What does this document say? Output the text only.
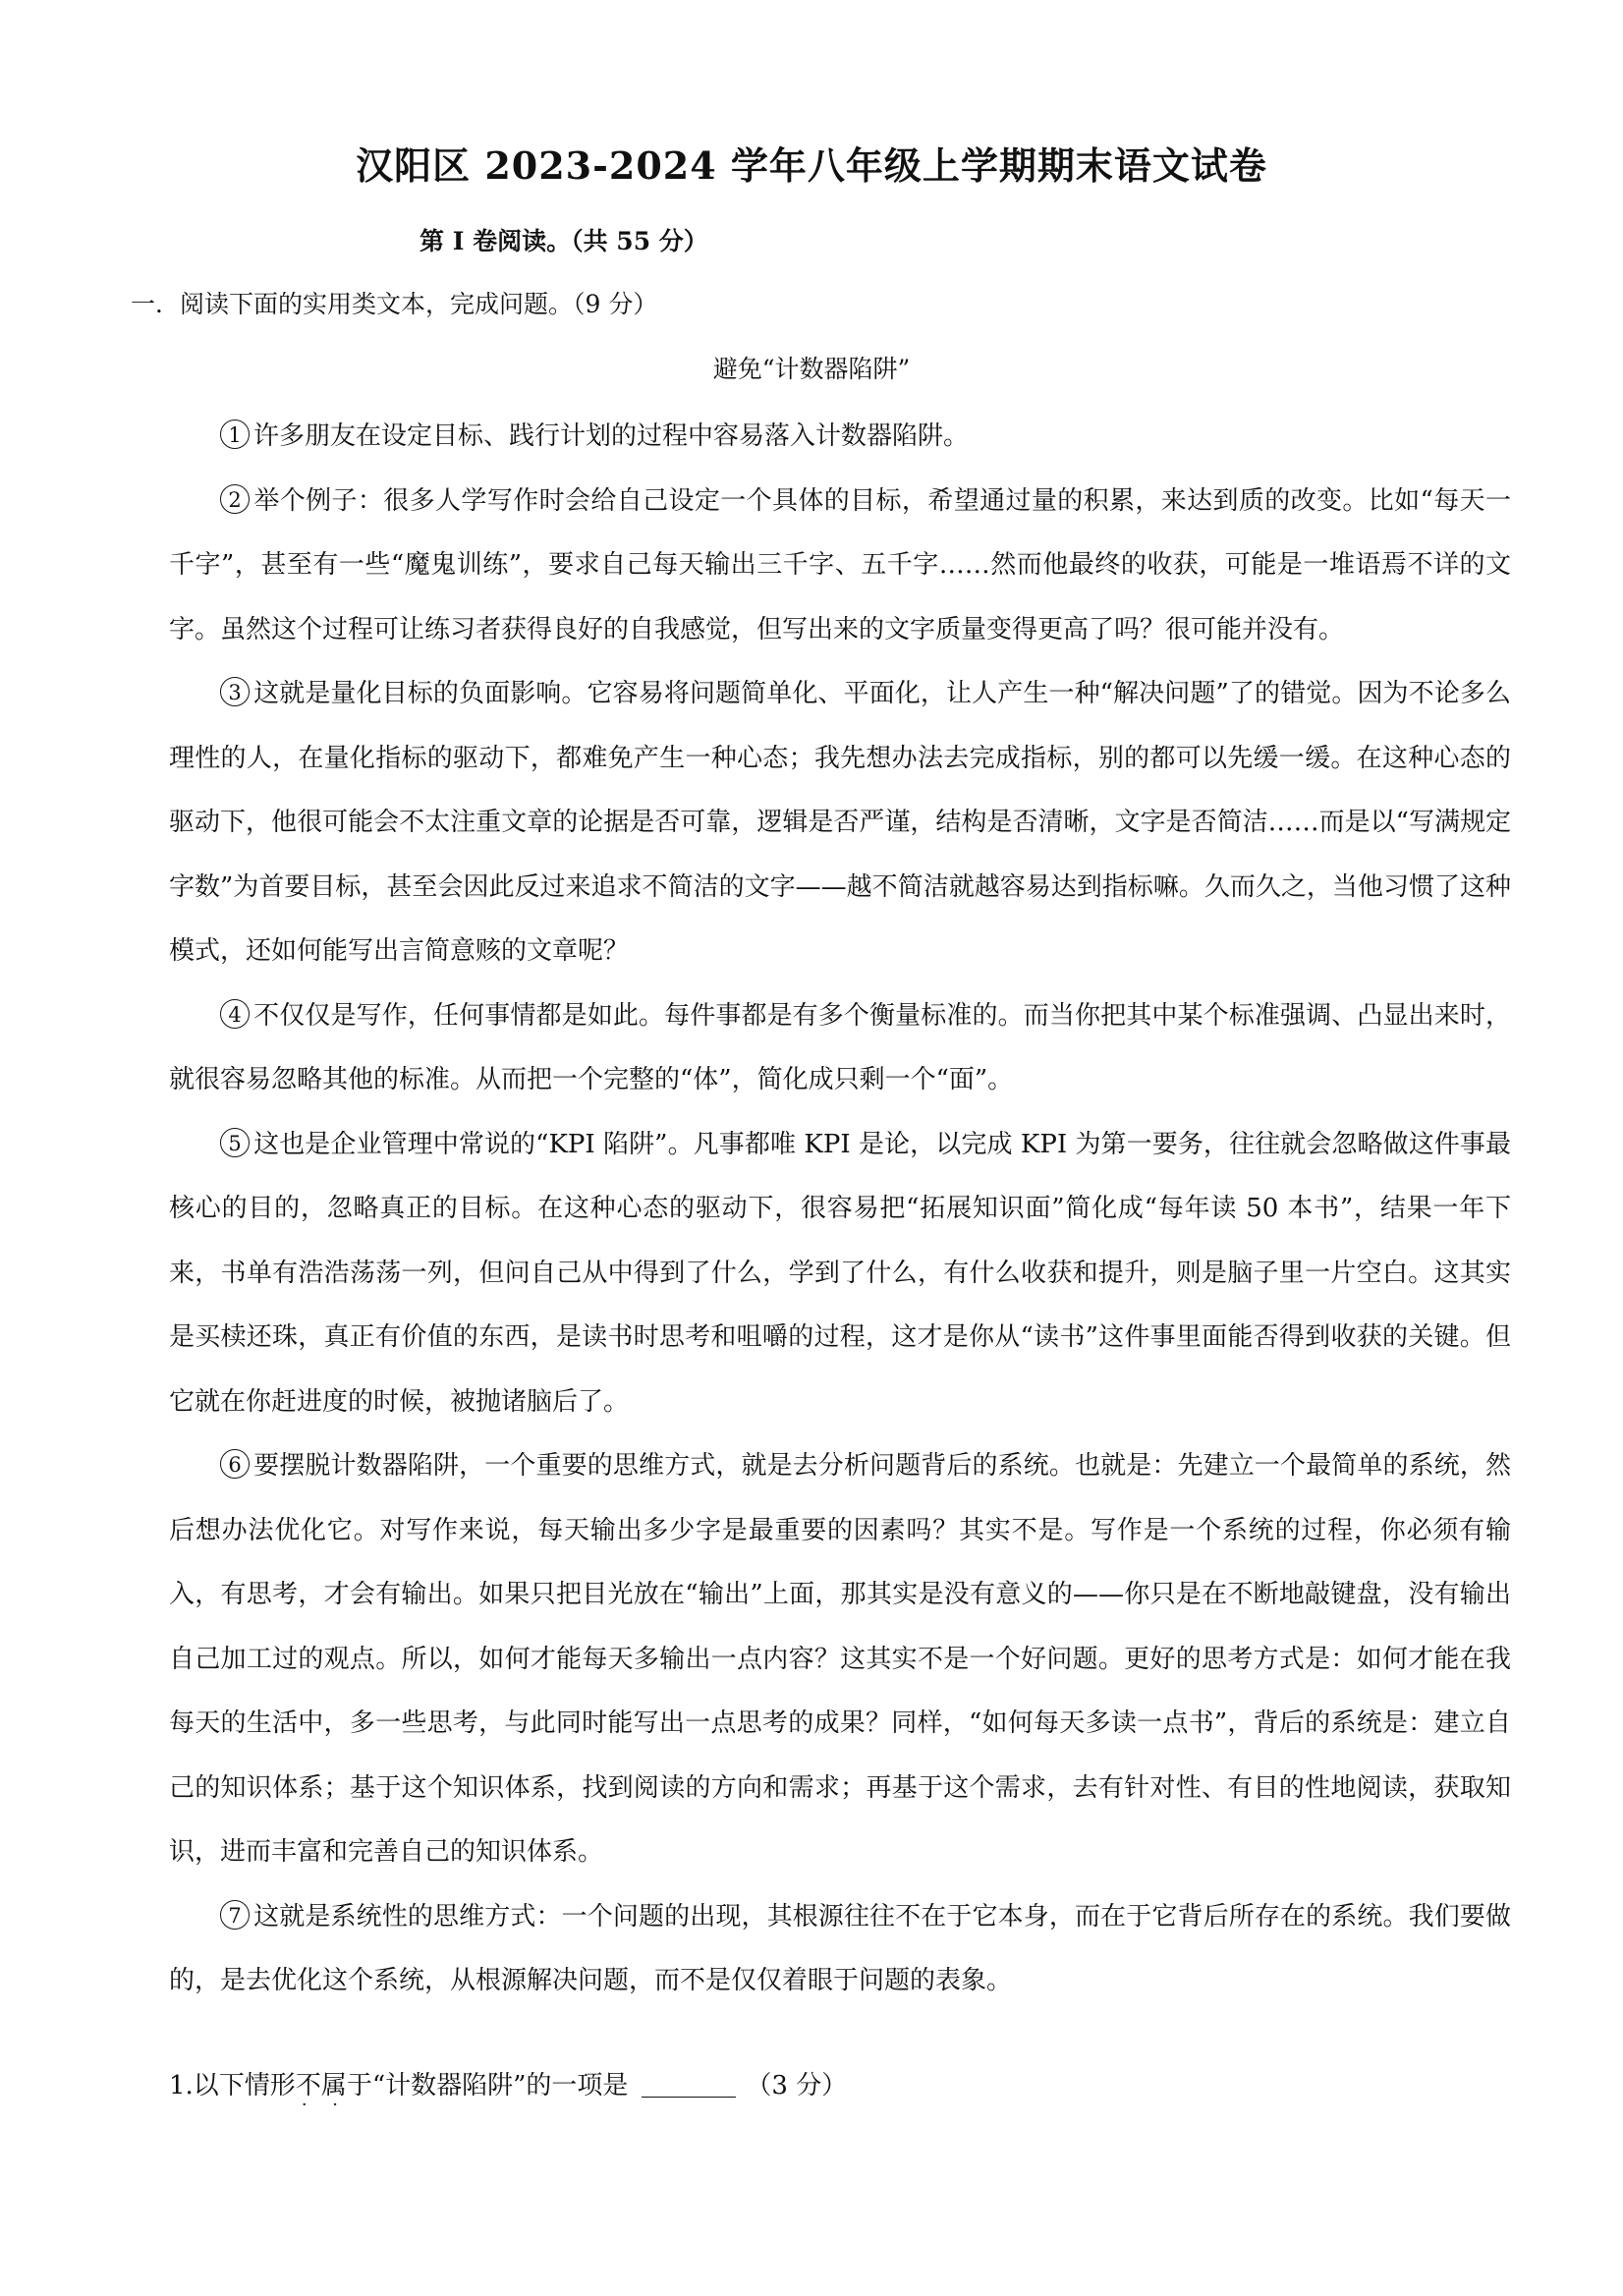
汉阳区 2023-2024 学年八年级上学期期末语文试卷
第 I 卷阅读。（共 55 分）
一．阅读下面的实用类文本，完成问题。（9 分）
避免“计数器陷阱”

1 许多朋友在设定目标、践行计划的过程中容易落入计数器陷阱。

2 举个例子：很多人学写作时会给自己设定一个具体的目标，希望通过量的积累，来达到质的改变。比如“每天一千字”，甚至有一些“魔鬼训练”，要求自己每天输出三千字、五千字……然而他最终的收获，可能是一堆语焉不详的文字。虽然这个过程可让练习者获得良好的自我感觉，但写出来的文字质量变得更高了吗？很可能并没有。

3 这就是量化目标的负面影响。它容易将问题简单化、平面化，让人产生一种“解决问题”了的错觉。因为不论多么理性的人，在量化指标的驱动下，都难免产生一种心态；我先想办法去完成指标，别的都可以先缓一缓。在这种心态的驱动下，他很可能会不太注重文章的论据是否可靠，逻辑是否严谨，结构是否清晰，文字是否简洁……而是以“写满规定字数”为首要目标，甚至会因此反过来追求不简洁的文字——越不简洁就越容易达到指标嘛。久而久之，当他习惯了这种模式，还如何能写出言简意赅的文章呢？

4 不仅仅是写作，任何事情都是如此。每件事都是有多个衡量标准的。而当你把其中某个标准强调、凸显出来时，就很容易忽略其他的标准。从而把一个完整的“体”，简化成只剩一个“面”。

5 这也是企业管理中常说的“KPI 陷阱”。凡事都唯 KPI 是论，以完成 KPI 为第一要务，往往就会忽略做这件事最核心的目的，忽略真正的目标。在这种心态的驱动下，很容易把“拓展知识面”简化成“每年读 50 本书”，结果一年下来，书单有浩浩荡荡一列，但问自己从中得到了什么，学到了什么，有什么收获和提升，则是脑子里一片空白。这其实是买椟还珠，真正有价值的东西，是读书时思考和咀嚼的过程，这才是你从“读书”这件事里面能否得到收获的关键。但它就在你赶进度的时候，被抛诸脑后了。

6 要摆脱计数器陷阱，一个重要的思维方式，就是去分析问题背后的系统。也就是：先建立一个最简单的系统，然后想办法优化它。对写作来说，每天输出多少字是最重要的因素吗？其实不是。写作是一个系统的过程，你必须有输入，有思考，才会有输出。如果只把目光放在“输出”上面，那其实是没有意义的——你只是在不断地敲键盘，没有输出自己加工过的观点。所以，如何才能每天多输出一点内容？这其实不是一个好问题。更好的思考方式是：如何才能在我每天的生活中，多一些思考，与此同时能写出一点思考的成果？同样，“如何每天多读一点书”，背后的系统是：建立自己的知识体系；基于这个知识体系，找到阅读的方向和需求；再基于这个需求，去有针对性、有目的性地阅读，获取知识，进而丰富和完善自己的知识体系。

7 这就是系统性的思维方式：一个问题的出现，其根源往往不在于它本身，而在于它背后所存在的系统。我们要做的，是去优化这个系统，从根源解决问题，而不是仅仅着眼于问题的表象。

1.以下情形不属于 · ·“计数器陷阱”的一项是	（3 分）
